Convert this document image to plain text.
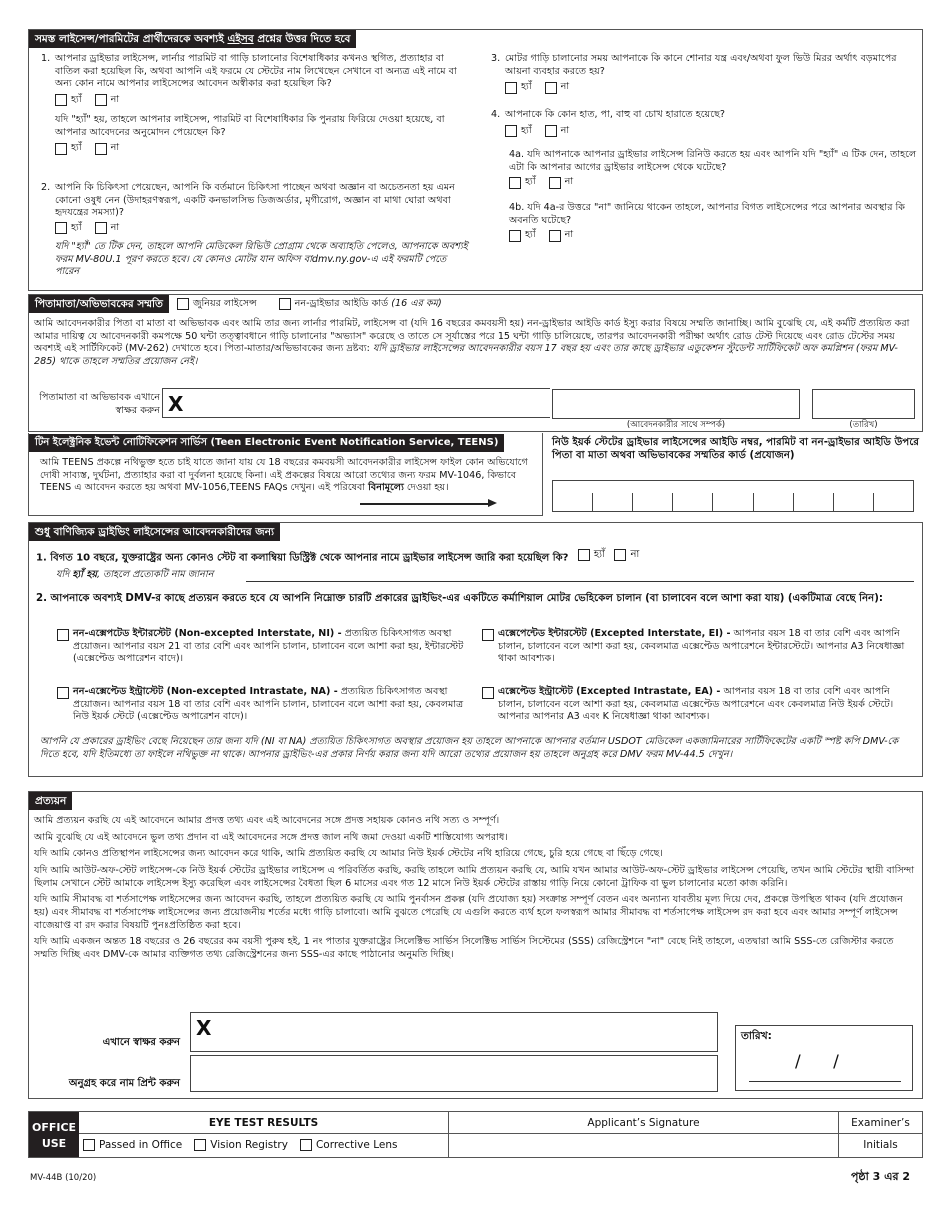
সমস্ত লাইসেন্স/পারমিটের প্রার্থীদেরকে অবশ্যই এইসব প্রশ্নের উত্তর দিতে হবে
1. আপনার ড্রাইভার লাইসেন্স, লার্নার পারমিট বা গাড়ি চালানোর বিশেষাধিকার কখনও স্থগিত, প্রত্যাহার বা বাতিল করা হয়েছিল কি, অথবা আপনি এই ফরমে যে স্টেটের নাম লিখেছেন সেখানে বা অন্যত্র এই নামে বা অন্য কোন নামে আপনার লাইসেন্সের আবেদন অস্বীকার করা হয়েছিল কি?
হ্যাঁ
	না
যদি "হ্যাঁ" হয়, তাহলে আপনার লাইসেন্স, পারমিট বা বিশেষাধিকার কি পুনরায় ফিরিয়ে দেওয়া হয়েছে, বা আপনার আবেদনের অনুমোদন পেয়েছেন কি?
হ্যাঁ
	না
2. আপনি কি চিকিৎসা পেয়েছেন, আপনি কি বর্তমানে চিকিৎসা পাচ্ছেন অথবা অজ্ঞান বা অচেতনতা হয় এমন কোনো ওষুধ নেন (উদাহরণস্বরূপ, একটি কনভালসিভ ডিজঅর্ডার, মৃগীরোগ, অজ্ঞান বা মাথা ঘোরা অথবা হৃদযন্ত্রের সমস্যা)?
হ্যাঁ
	না
যদি "হ্যাঁ" তে টিক দেন, তাহলে আপনি মেডিকেল রিভিউ প্রোগ্রাম থেকে অব্যাহতি পেলেও, আপনাকে অবশ্যই ফরম MV-80U.1 পূরণ করতে হবে। যে কোনও মোটর যান অফিস বাdmv.ny.gov-এ এই ফরমটি পেতে পারেন
3. মোটর গাড়ি চালানোর সময় আপনাকে কি কানে শোনার যন্ত্র এবং/অথবা ফুল ভিউ মিরর অর্থাৎ বড়মাপের আয়না ব্যবহার করতে হয়?
হ্যাঁ
	না
4. আপনাকে কি কোন হাত, পা, বাহু বা চোখ হারাতে হয়েছে?
হ্যাঁ
	না
4a. যদি আপনাকে আপনার ড্রাইভার লাইসেন্স রিনিউ করতে হয় এবং আপনি যদি "হ্যাঁ" এ টিক দেন, তাহলে এটা কি আপনার আগের ড্রাইভার লাইসেন্স থেকে ঘটেছে?
হ্যাঁ
	না
4b. যদি 4a-র উত্তরে "না" জানিয়ে থাকেন তাহলে, আপনার বিগত লাইসেন্সের পরে আপনার অবস্থার কি অবনতি ঘটেছে?
হ্যাঁ
	না
পিতামাতা/অভিভাবকের সম্মতি	জুনিয়র লাইসেন্স	নন-ড্রাইভার আইডি কার্ড
(16 এর কম)
আমি আবেদনকারীর পিতা বা মাতা বা অভিভাবক এবং আমি তার জন্য লার্নার পারমিট, লাইসেন্স বা (যদি 16 বছরের কমবয়সী হয়) নন-ড্রাইভার আইডি কার্ড ইস্যু করার বিষয়ে সম্মতি জানাচ্ছি। আমি বুঝেছি যে, এই কর্মটি প্রত্যয়িত করা আমার দায়িত্ব যে আবেদনকারী কমপক্ষে 50 ঘন্টা তত্ত্বাবধানে গাড়ি চালানোর "অভ্যাস" করেছে ও তাতে সে সূর্যাস্তের পরে 15 ঘন্টা গাড়ি চালিয়েছে, তারপর আবেদনকারী পরীক্ষা অর্থাৎ রোড টেস্ট দিয়েছে এবং রোড টেস্টের সময় অবশ্যই এই সার্টিফিকেট (MV-262) দেখাতে হবে। পিতা-মাতার/অভিভাবকের জন্য দ্রষ্টব্য: যদি ড্রাইভার লাইসেন্সের আবেদনকারীর বয়স 17 বছর হয় এবং তার কাছে ড্রাইভার এডুকেশন স্টুডেন্ট সার্টিফিকেট অফ কমপ্লিশন (ফরম MV-285) থাকে তাহলে সম্মতির প্রয়োজন নেই।
পিতামাতা বা অভিভাবক এখানে স্বাক্ষর করুন X
(আবেদনকারীর সাথে সম্পর্ক)	(তারিখ)
টিন ইলেক্ট্রনিক ইভেন্ট নোটিফিকেশন সার্ভিস (Teen Electronic Event Notification Service, TEENS)
আমি TEENS প্রকল্পে নথিভুক্ত হতে চাই যাতে জানা যায় যে 18 বছরের কমবয়সী আবেদনকারীর লাইসেন্স ফাইল কোন অভিযোগে দোষী সাব্যস্ত, দুর্ঘটনা, প্রত্যাহার করা বা দুর্বলনা হয়েছে কিনা। এই প্রকল্পের বিষয়ে আরো তথ্যের জন্য ফরম MV-1046, কিভাবে TEENS এ আবেদন করতে হয় অথবা MV-1056,TEENS FAQs দেখুন। এই পরিষেবা বিনামূল্যে দেওয়া হয়।
নিউ ইয়র্ক স্টেটের ড্রাইভার লাইসেন্সের আইডি নম্বর, পারমিট বা নন-ড্রাইভার আইডি উপরে পিতা বা মাতা অথবা অভিভাবকের সম্মতির কার্ড (প্রযোজন)
শুধু বাণিজ্যিক ড্রাইভিং লাইসেন্সের আবেদনকারীদের জন্য
1. বিগত 10 বছরে, যুক্তরাষ্ট্রের অন্য কোনও স্টেট বা কলাম্বিয়া ডিস্ট্রিক্ট থেকে আপনার নামে ড্রাইভার লাইসেন্স জারি করা হয়েছিল কি?	হ্যাঁ
	না
যদি হ্যাঁ হয়, তাহলে প্রত্যেকটি নাম জানান
2. আপনাকে অবশ্যই DMV-র কাছে প্রত্যয়ন করতে হবে যে আপনি নিম্নোক্ত চারটি প্রকারের ড্রাইভিং-এর একটিতে কর্মাশিয়াল মোটর ভেহিকেল চালান (বা চালাবেন বলে আশা করা যায়) (একটিমাত্র বেছে নিন):
নন-এক্সেপটেড ইন্টারস্টেট (Non-excepted Interstate, NI) - প্রত্যয়িত চিকিৎসাগত অবস্থা প্রয়োজন। আপনার বয়স 21 বা তার বেশি এবং আপনি চালান, চালাবেন বলে আশা করা হয়, ইন্টারস্টেট (এক্সেপ্টেড অপারেশন বাদে)।
এক্সেপেন্টেড ইন্টারস্টেট (Excepted Interstate, EI) - আপনার বয়স 18 বা তার বেশি এবং আপনি চালান, চালাবেন বলে আশা করা হয়, কেবলমাত্র এক্সেপ্টেড অপারেশনে ইন্টারস্টেটে। আপনার A3 নিষেধাজ্ঞা থাকা আবশ্যক।
নন-এক্সেপ্টেড ইন্ট্রাস্টেট (Non-excepted Intrastate, NA) - প্রত্যয়িত চিকিৎসাগত অবস্থা প্রয়োজন। আপনার বয়স 18 বা তার বেশি এবং আপনি চালান, চালাবেন বলে আশা করা হয়, কেবলমাত্র নিউ ইয়র্ক স্টেটে (এক্সেপ্টেড অপারেশন বাদে)।
এক্সেপ্টেড ইন্ট্রাস্টেট (Excepted Intrastate, EA) - আপনার বয়স 18 বা তার বেশি এবং আপনি চালান, চালাবেন বলে আশা করা হয়, কেবলমাত্র এক্সেপ্টেড অপারেশনে এবং কেবলমাত্র নিউ ইয়র্ক স্টেটে। আপনার আপনার A3 এবং K নিষেধাজ্ঞা থাকা আবশ্যক।
আপনি যে প্রকারের ড্রাইভিং বেছে নিয়েছেন তার জন্য যদি (NI বা NA) প্রত্যয়িত চিকিৎসাগত অবস্থার প্রয়োজন হয় তাহলে আপনাকে আপনার বর্তমান USDOT মেডিকেল একজামিনারের সার্টিফিকেটের একটি স্পষ্ট কপি DMV-কে দিতে হবে, যদি ইতিমধ্যে তা ফাইলে নথিভুক্ত না থাকে। আপনার ড্রাইভিং-এর প্রকার নির্ণয় করার জন্য যদি আরো তথ্যের প্রয়োজন হয় তাহলে অনুগ্রহ করে DMV ফরম MV-44.5 দেখুন।
প্রত্যয়ন
আমি প্রত্যয়ন করছি যে এই আবেদনে আমার প্রদত্ত তথ্য এবং এই আবেদনের সঙ্গে প্রদত্ত সহায়ক কোনও নথি সত্য ও সম্পূর্ণ।
আমি বুঝেছি যে এই আবেদনে ভুল তথ্য প্রদান বা এই আবেদনের সঙ্গে প্রদত্ত জাল নথি জমা দেওয়া একটি শাস্তিযোগ্য অপরাধ।
যদি আমি কোনও প্রতিস্থাপন লাইসেন্সের জন্য আবেদন করে থাকি, আমি প্রত্যয়িত করছি যে আমার নিউ ইয়র্ক স্টেটের নথি হারিয়ে গেছে, চুরি হয়ে গেছে বা ছিঁড়ে গেছে।
যদি আমি আউট-অফ-স্টেট লাইসেন্স-কে নিউ ইয়র্ক স্টেটের ড্রাইভার লাইসেন্স এ পরিবর্তিত করছি, করছি তাহলে আমি প্রত্যয়ন করছি যে, আমি যখন আমার আউট-অফ-স্টেট ড্রাইভার লাইসেন্স পেয়েছি, তখন আমি স্টেটের স্থায়ী বাসিন্দা ছিলাম সেখানে স্টেট আমাকে লাইসেন্স ইস্যু করেছিল এবং লাইসেন্সের বৈধতা ছিল 6 মাসের এবং গত 12 মাসে নিউ ইয়র্ক স্টেটের রাস্তায় গাড়ি নিয়ে কোনো ট্রাফিক বা ভুল চালানোর মতো কাজ করিনি।
যদি আমি সীমাবদ্ধ বা শর্তসাপেক্ষ লাইসেন্সের জন্য আবেদন করছি, তাহলে প্রত্যয়িত করছি যে আমি পুনর্বাসন প্রকল্প (যদি প্রযোজ্য হয়) সংক্রান্ত সম্পূর্ণ বেতন এবং অন্যান্য যাবতীয় মূল্য দিয়ে দেব, প্রকল্পে উপস্থিত থাকব (যদি প্রযোজন হয়) এবং সীমাবদ্ধ বা শর্তসাপেক্ষ লাইসেন্সের জন্য প্রয়োজনীয় শর্তের মধ্যে গাড়ি চালাবো। আমি বুঝতে পেরেছি যে এগুলি করতে ব্যর্থ হলে ফলস্বরূপ আমার সীমাবদ্ধ বা শর্তসাপেক্ষ লাইসেন্স রদ করা হবে এবং আমার সম্পূর্ণ লাইসেন্স বাজেয়াপ্ত বা রদ করার বিষয়টি পুনঃপ্রতিষ্ঠিত করা হবে।
যদি আমি একজন অন্তত 18 বছরের ও 26 বছরের কম বয়সী পুরুষ হই, 1 নং পাতার যুক্তরাষ্ট্রের সিলেক্টিভ সার্ভিস সিলেক্টিভ সার্ভিস সিস্টেমের (SSS) রেজিস্ট্রেশনে "না" বেছে নিই তাহলে, এতদ্বারা আমি SSS-তে রেজিস্টার করতে সম্মতি দিচ্ছি এবং DMV-কে আমার ব্যক্তিগত তথ্য রেজিস্ট্রেশনের জন্য SSS-এর কাছে পাঠানোর অনুমতি দিচ্ছি।
এখানে স্বাক্ষর করুন
X
অনুগ্রহ করে নাম প্রিন্ট করুন
তারিখ:
/      /
OFFICE
USE
EYE TEST RESULTS
Passed in Office	Vision Registry	Corrective Lens
Applicant’s Signature	Examiner’s Initials
MV-44B (10/20)	পৃষ্ঠা 3 এর 2
